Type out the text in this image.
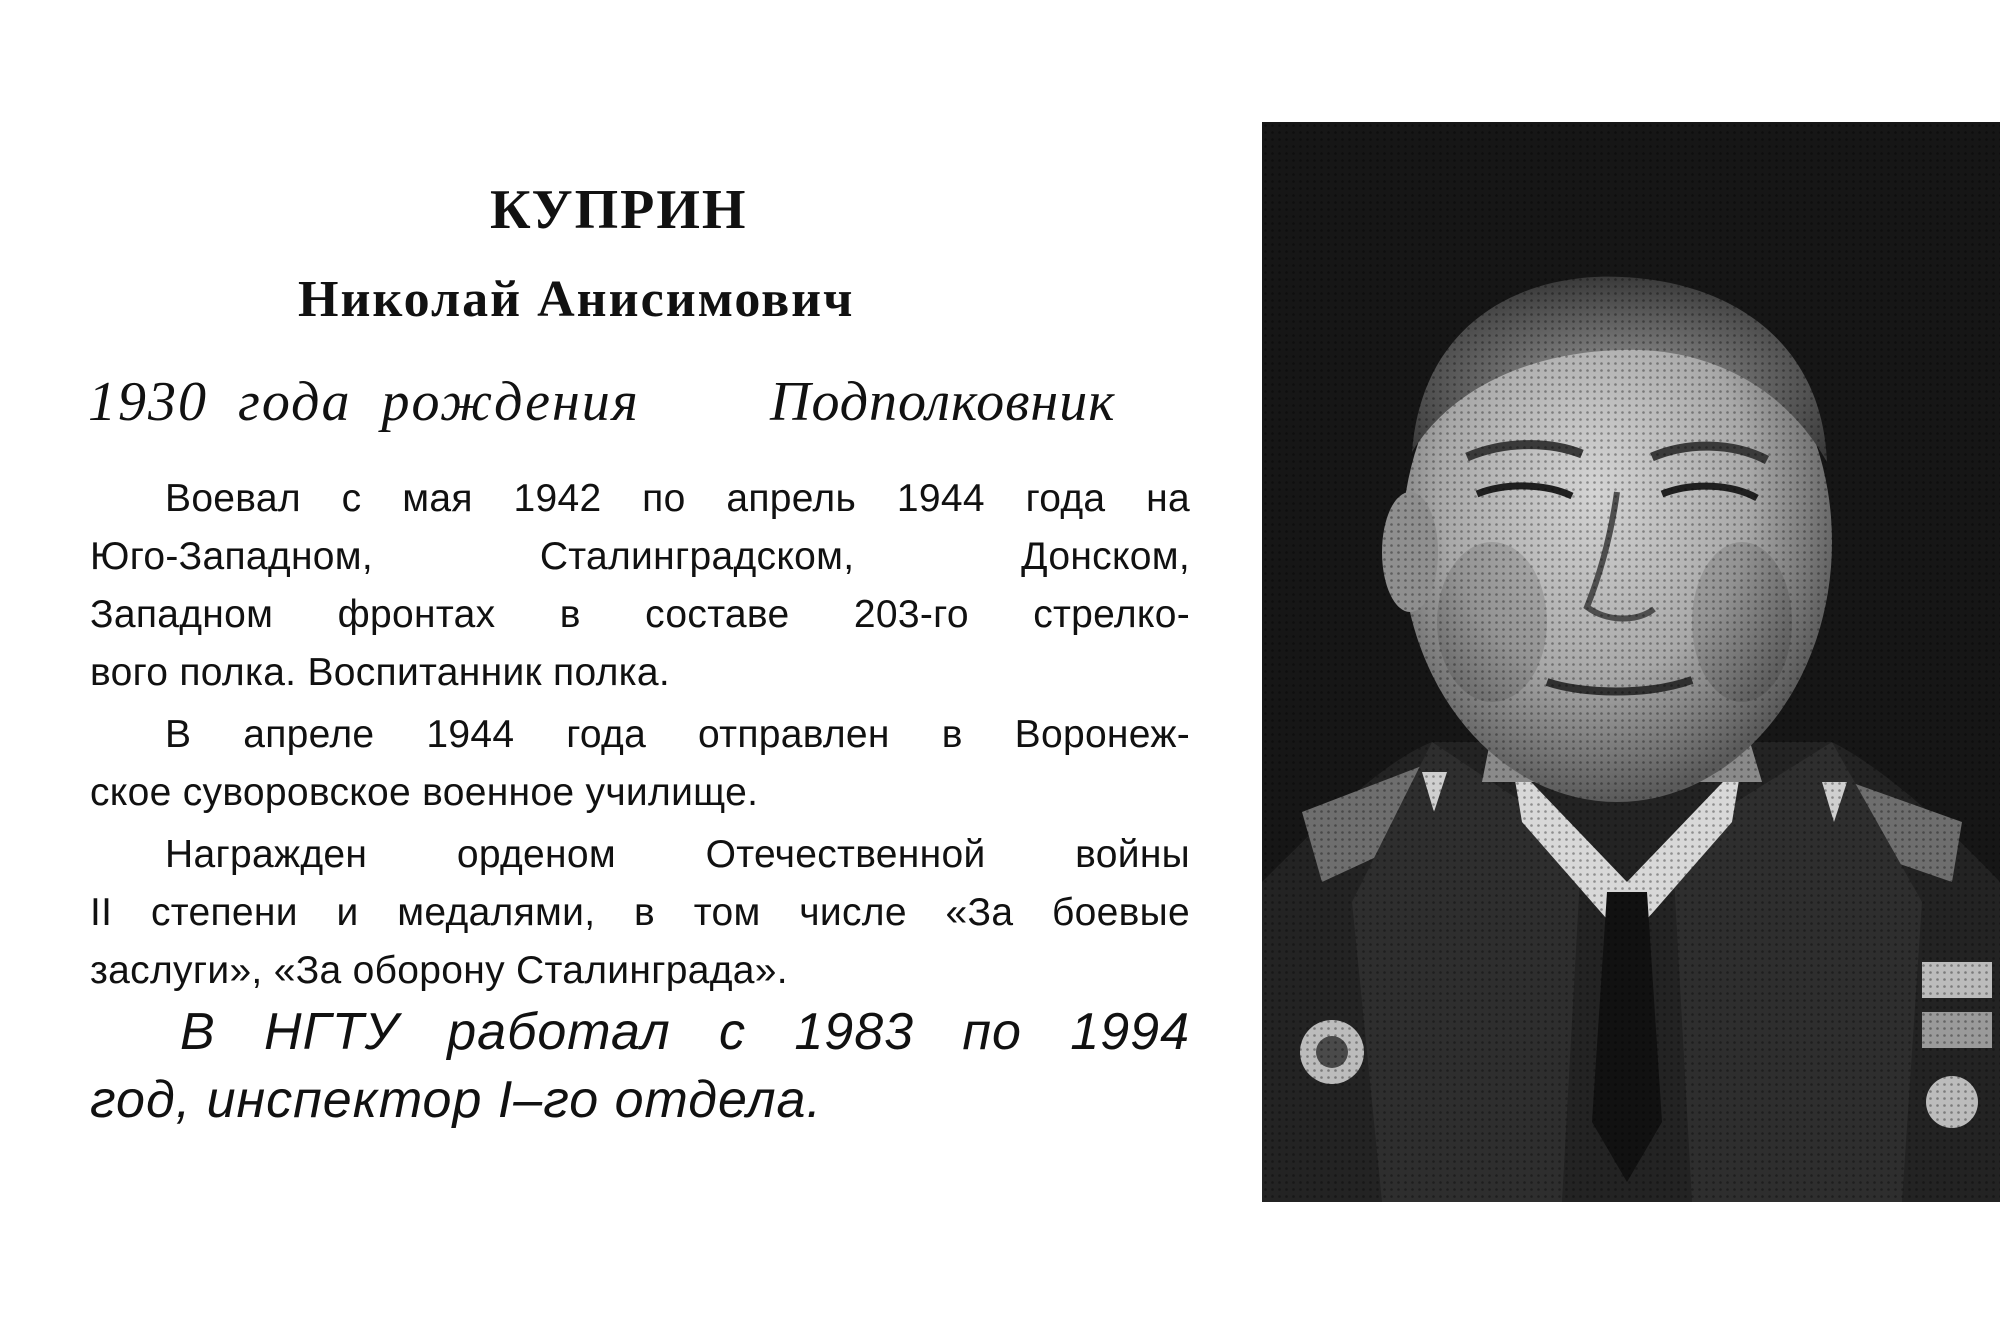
КУПРИН
Николай Анисимович
1930 года рождения Подполковник
Воевал с мая 1942 по апрель 1944 года на
Юго-Западном, Сталинградском, Донском,
Западном фронтах в составе 203-го стрелко-
вого полка. Воспитанник полка.
В апреле 1944 года отправлен в Воронеж-
ское суворовское военное училище.
Награжден орденом Отечественной войны
II степени и медалями, в том числе «За боевые
заслуги», «За оборону Сталинграда».
В НГТУ работал с 1983 по 1994
год, инспектор I–го отдела.
